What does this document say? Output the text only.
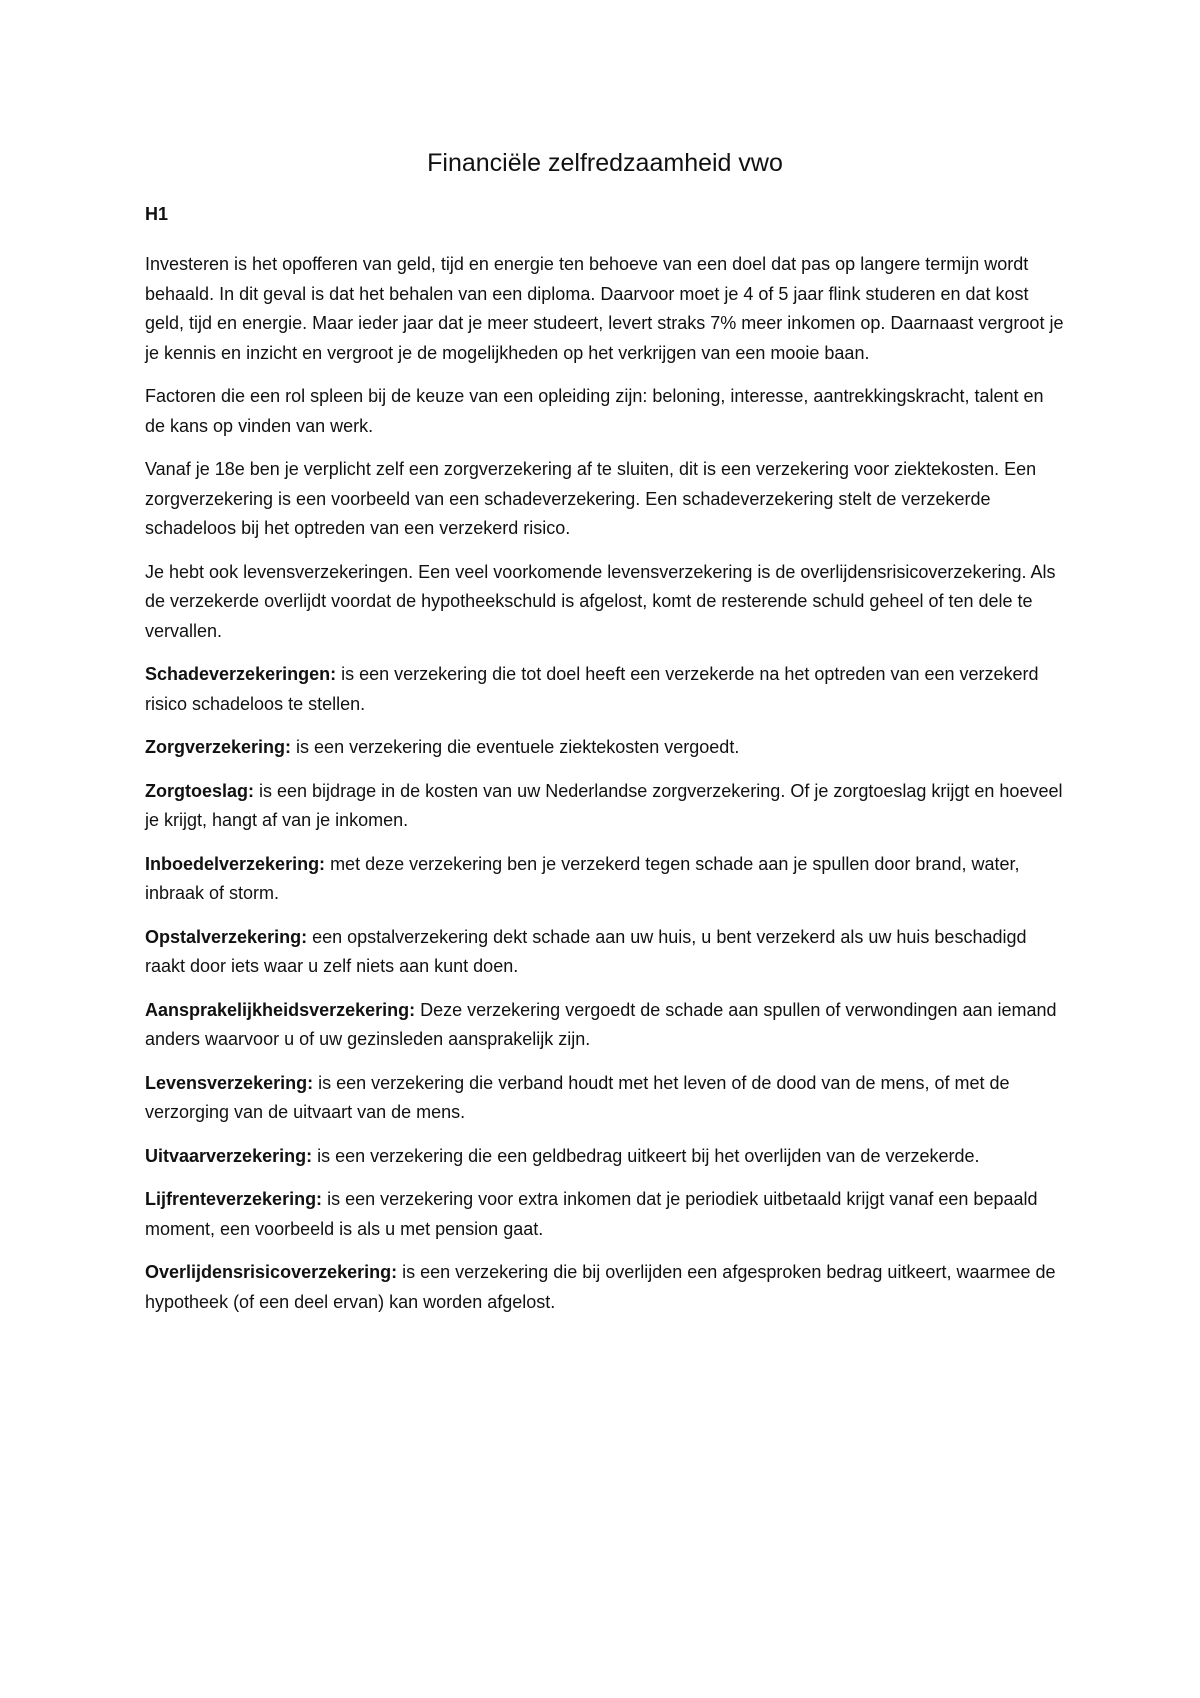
Financiële zelfredzaamheid vwo
H1

Investeren is het opofferen van geld, tijd en energie ten behoeve van een doel dat pas op langere termijn wordt behaald. In dit geval is dat het behalen van een diploma. Daarvoor moet je 4 of 5 jaar flink studeren en dat kost geld, tijd en energie. Maar ieder jaar dat je meer studeert, levert straks 7% meer inkomen op. Daarnaast vergroot je je kennis en inzicht en vergroot je de mogelijkheden op het verkrijgen van een mooie baan.

Factoren die een rol spleen bij de keuze van een opleiding zijn: beloning, interesse, aantrekkingskracht, talent en de kans op vinden van werk.

Vanaf je 18e ben je verplicht zelf een zorgverzekering af te sluiten, dit is een verzekering voor ziektekosten. Een zorgverzekering is een voorbeeld van een schadeverzekering. Een schadeverzekering stelt de verzekerde schadeloos bij het optreden van een verzekerd risico.

Je hebt ook levensverzekeringen. Een veel voorkomende levensverzekering is de overlijdensrisicoverzekering. Als de verzekerde overlijdt voordat de hypotheekschuld is afgelost, komt de resterende schuld geheel of ten dele te vervallen.

Schadeverzekeringen: is een verzekering die tot doel heeft een verzekerde na het optreden van een verzekerd risico schadeloos te stellen.

Zorgverzekering: is een verzekering die eventuele ziektekosten vergoedt.

Zorgtoeslag: is een bijdrage in de kosten van uw Nederlandse zorgverzekering. Of je zorgtoeslag krijgt en hoeveel je krijgt, hangt af van je inkomen.

Inboedelverzekering: met deze verzekering ben je verzekerd tegen schade aan je spullen door brand, water, inbraak of storm.

Opstalverzekering: een opstalverzekering dekt schade aan uw huis, u bent verzekerd als uw huis beschadigd raakt door iets waar u zelf niets aan kunt doen.

Aansprakelijkheidsverzekering: Deze verzekering vergoedt de schade aan spullen of verwondingen aan iemand anders waarvoor u of uw gezinsleden aansprakelijk zijn.

Levensverzekering: is een verzekering die verband houdt met het leven of de dood van de mens, of met de verzorging van de uitvaart van de mens.

Uitvaarverzekering: is een verzekering die een geldbedrag uitkeert bij het overlijden van de verzekerde.

Lijfrenteverzekering: is een verzekering voor extra inkomen dat je periodiek uitbetaald krijgt vanaf een bepaald moment, een voorbeeld is als u met pension gaat.

Overlijdensrisicoverzekering: is een verzekering die bij overlijden een afgesproken bedrag uitkeert, waarmee de hypotheek (of een deel ervan) kan worden afgelost.
